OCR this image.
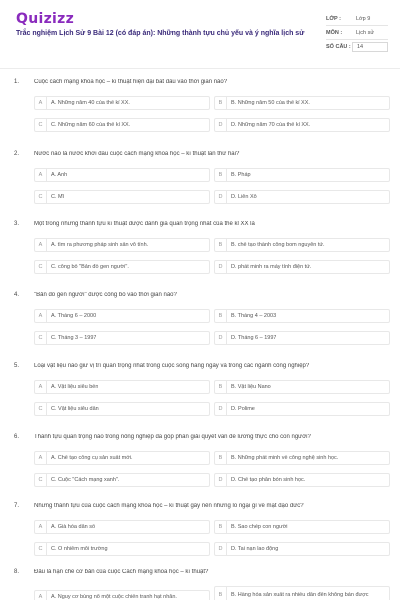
Quizizz
Trắc nghiệm Lịch Sử 9 Bài 12 (có đáp án): Những thành tựu chủ yếu và ý nghĩa lịch sử
LỚP :	Lớp 9
MÔN :	Lịch sử
SỐ CÂU :	14
1. Cuộc cách mạng khoa học – kĩ thuật hiện đại bắt đầu vào thời gian nào?
A	A. Những năm 40 của thế kỉ XX.	B	B. Những năm 50 của thế kỉ XX.
C	C. Những năm 60 của thế kỉ XX.	D	D. Những năm 70 của thế kỉ XX.
2. Nước nào là nước khởi đầu cuộc cách mạng khoa học – kĩ thuật lần thứ hai?
A	A. Anh	B	B. Pháp
C	C. Mĩ	D	D. Liên Xô
3. Một trong những thành tựu kĩ thuật được đánh giá quan trọng nhất của thế kỉ XX là
A	A. tìm ra phương pháp sinh sản vô tính.	B	B. chế tạo thành công bom nguyên tử.
C	C. công bố "Bản đồ gen người".	D	D. phát minh ra máy tính điện tử.
4. "Bản đồ gen người" được công bố vào thời gian nào?
A	A. Tháng 6 – 2000	B	B. Tháng 4 – 2003
C	C. Tháng 3 – 1997	D	D. Tháng 6 – 1997
5. Loại vật liệu nào giữ vị trí quan trọng nhất trong cuộc sống hằng ngày và trong các ngành công nghiệp?
A	A. Vật liệu siêu bền	B	B. Vật liệu Nano
C	C. Vật liệu siêu dẫn	D	D. Polime
6. Thành tựu quan trọng nào trong nông nghiệp đã góp phần giải quyết vấn đề lương thực cho con người?
A	A. Chế tạo công cụ sản xuất mới.	B	B. Những phát minh về công nghệ sinh học.
C	C. Cuộc "Cách mạng xanh".	D	D. Chế tạo phân bón sinh học.
7. Những thành tựu của cuộc cách mạng khoa học – kĩ thuật gây nên những lo ngại gì về mặt đạo đức?
A	A. Già hóa dân số	B	B. Sao chép con người
C	C. Ô nhiễm môi trường	D	D. Tai nạn lao động
8. Đâu là hạn chế cơ bản của cuộc Cách mạng khoa học – kĩ thuật?
A	A. Nguy cơ bùng nổ một cuộc chiến tranh hạt nhân.	B	B. Hàng hóa sản xuất ra nhiều dẫn đến không bán được
